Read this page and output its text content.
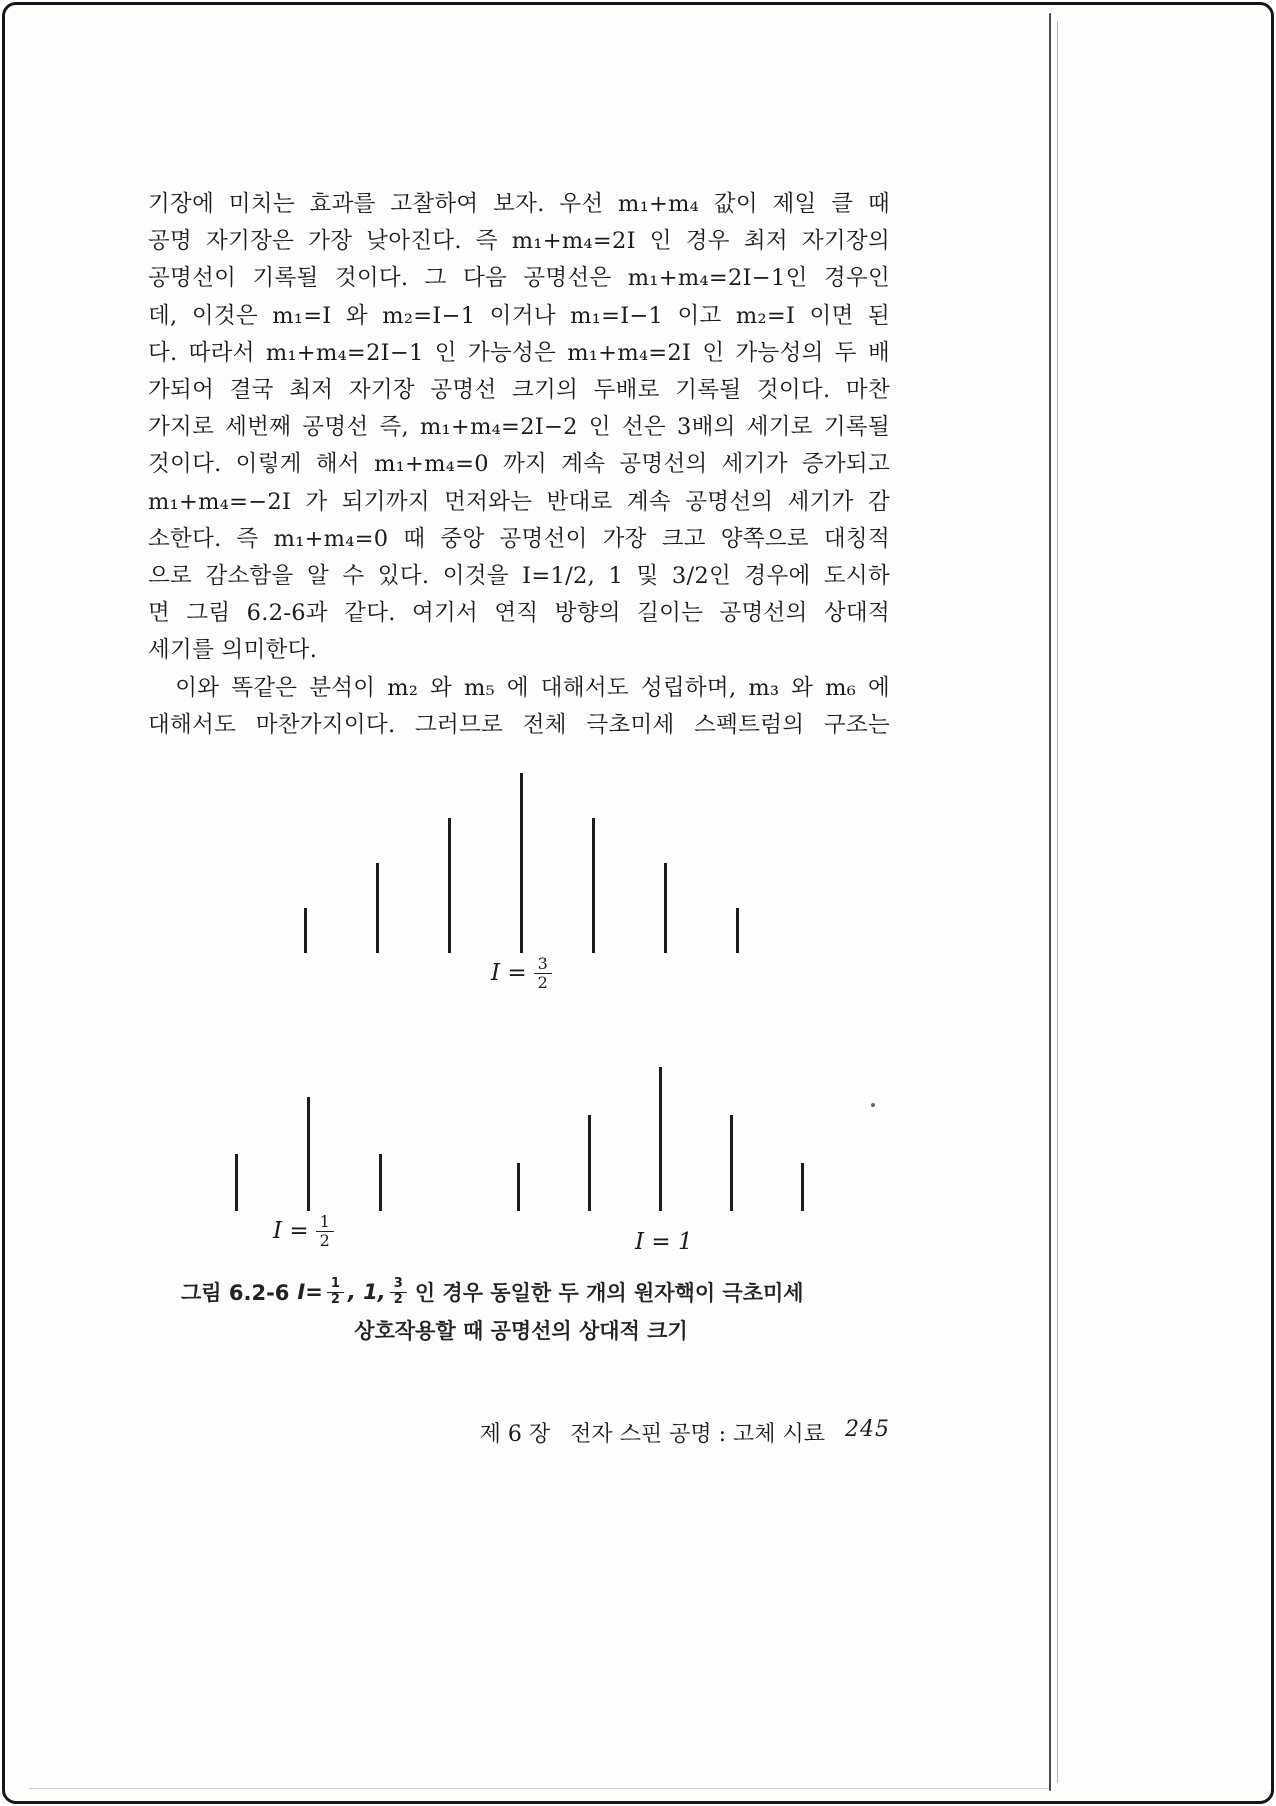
기장에 미치는 효과를 고찰하여 보자. 우선 m₁+m₄ 값이 제일 클 때
공명 자기장은 가장 낮아진다. 즉 m₁+m₄=2I 인 경우 최저 자기장의
공명선이 기록될 것이다. 그 다음 공명선은 m₁+m₄=2I−1인 경우인
데, 이것은 m₁=I 와 m₂=I−1 이거나 m₁=I−1 이고 m₂=I 이면 된
다. 따라서 m₁+m₄=2I−1 인 가능성은 m₁+m₄=2I 인 가능성의 두 배
가되어 결국 최저 자기장 공명선 크기의 두배로 기록될 것이다. 마찬
가지로 세번째 공명선 즉, m₁+m₄=2I−2 인 선은 3배의 세기로 기록될
것이다. 이렇게 해서 m₁+m₄=0 까지 계속 공명선의 세기가 증가되고
m₁+m₄=−2I 가 되기까지 먼저와는 반대로 계속 공명선의 세기가 감
소한다. 즉 m₁+m₄=0 때 중앙 공명선이 가장 크고 양쪽으로 대칭적
으로 감소함을 알 수 있다. 이것을 I=1/2, 1 및 3/2인 경우에 도시하
면 그림 6.2-6과 같다. 여기서 연직 방향의 길이는 공명선의 상대적
세기를 의미한다.
　이와 똑같은 분석이 m₂ 와 m₅ 에 대해서도 성립하며, m₃ 와 m₆ 에
대해서도 마찬가지이다. 그러므로 전체 극초미세 스펙트럼의 구조는
$I = \frac{3}{2}$
$I = \frac{1}{2}$	I = 1
그림 6.2-6 $I= \frac{1}{2}$ , 1, $\frac{3}{2}$ 인 경우 동일한 두 개의 원자핵이 극초미세
상호작용할 때 공명선의 상대적 크기
제 6 장 전자 스핀 공명 : 고체 시료 245
